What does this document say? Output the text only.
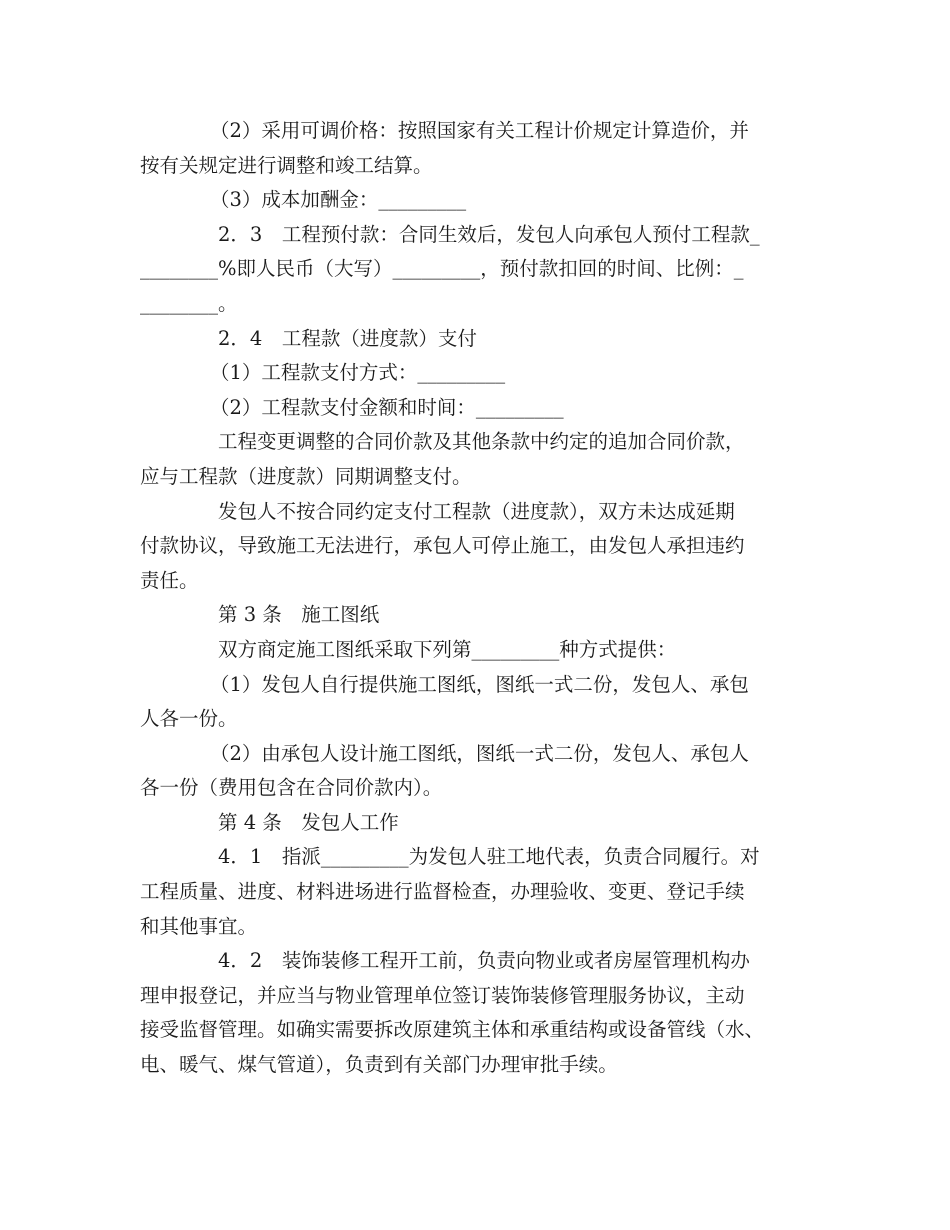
（2）采用可调价格：按照国家有关工程计价规定计算造价，并

按有关规定进行调整和竣工结算。

（3）成本加酬金：_________

2．3　工程预付款：合同生效后，发包人向承包人预付工程款_

________%即人民币（大写）_________，预付款扣回的时间、比例：_

________。

2．4　工程款（进度款）支付

（1）工程款支付方式：_________

（2）工程款支付金额和时间：_________

工程变更调整的合同价款及其他条款中约定的追加合同价款，

应与工程款（进度款）同期调整支付。

发包人不按合同约定支付工程款（进度款），双方未达成延期

付款协议，导致施工无法进行，承包人可停止施工，由发包人承担违约

责任。

第 3 条　施工图纸

双方商定施工图纸采取下列第_________种方式提供：

（1）发包人自行提供施工图纸，图纸一式二份，发包人、承包

人各一份。

（2）由承包人设计施工图纸，图纸一式二份，发包人、承包人

各一份（费用包含在合同价款内）。

第 4 条　发包人工作

4．1　指派_________为发包人驻工地代表，负责合同履行。对

工程质量、进度、材料进场进行监督检查，办理验收、变更、登记手续

和其他事宜。

4．2　装饰装修工程开工前，负责向物业或者房屋管理机构办

理申报登记，并应当与物业管理单位签订装饰装修管理服务协议，主动

接受监督管理。如确实需要拆改原建筑主体和承重结构或设备管线（水、

电、暖气、煤气管道），负责到有关部门办理审批手续。
